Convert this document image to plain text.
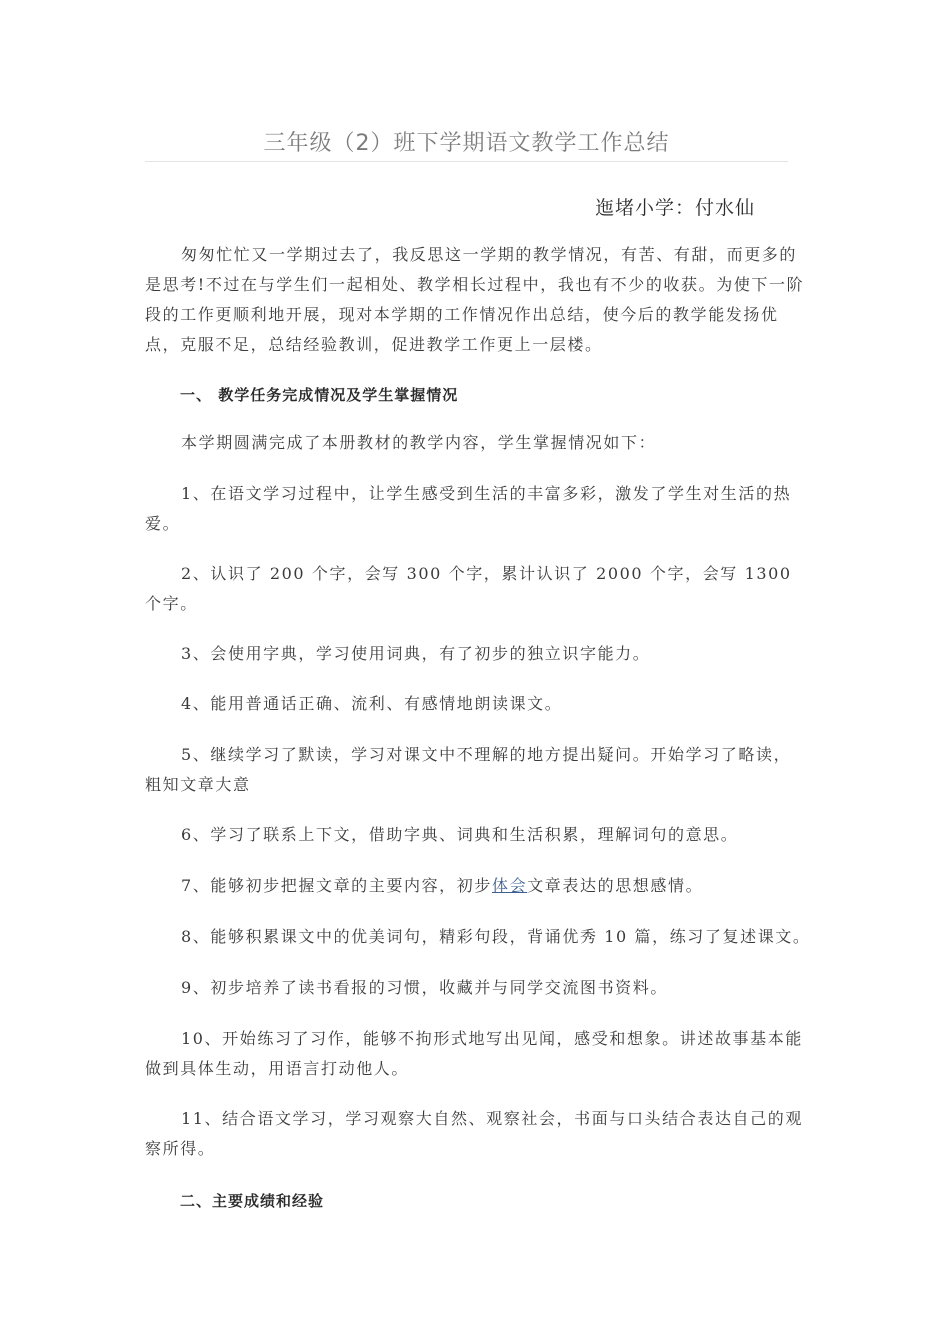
三年级（2）班下学期语文教学工作总结
迤堵小学：付水仙
匆匆忙忙又一学期过去了，我反思这一学期的教学情况，有苦、有甜，而更多的是思考!不过在与学生们一起相处、教学相长过程中，我也有不少的收获。为使下一阶段的工作更顺利地开展，现对本学期的工作情况作出总结，使今后的教学能发扬优点，克服不足，总结经验教训，促进教学工作更上一层楼。
一、 教学任务完成情况及学生掌握情况
本学期圆满完成了本册教材的教学内容，学生掌握情况如下：
1、在语文学习过程中，让学生感受到生活的丰富多彩，激发了学生对生活的热爱。
2、认识了 200 个字，会写 300 个字，累计认识了 2000 个字，会写 1300 个字。
3、会使用字典，学习使用词典，有了初步的独立识字能力。
4、能用普通话正确、流利、有感情地朗读课文。
5、继续学习了默读，学习对课文中不理解的地方提出疑问。开始学习了略读，粗知文章大意
6、学习了联系上下文，借助字典、词典和生活积累，理解词句的意思。
7、能够初步把握文章的主要内容，初步体会文章表达的思想感情。
8、能够积累课文中的优美词句，精彩句段，背诵优秀 10 篇，练习了复述课文。
9、初步培养了读书看报的习惯，收藏并与同学交流图书资料。
10、开始练习了习作，能够不拘形式地写出见闻，感受和想象。讲述故事基本能做到具体生动，用语言打动他人。
11、结合语文学习，学习观察大自然、观察社会，书面与口头结合表达自己的观察所得。
二、主要成绩和经验
